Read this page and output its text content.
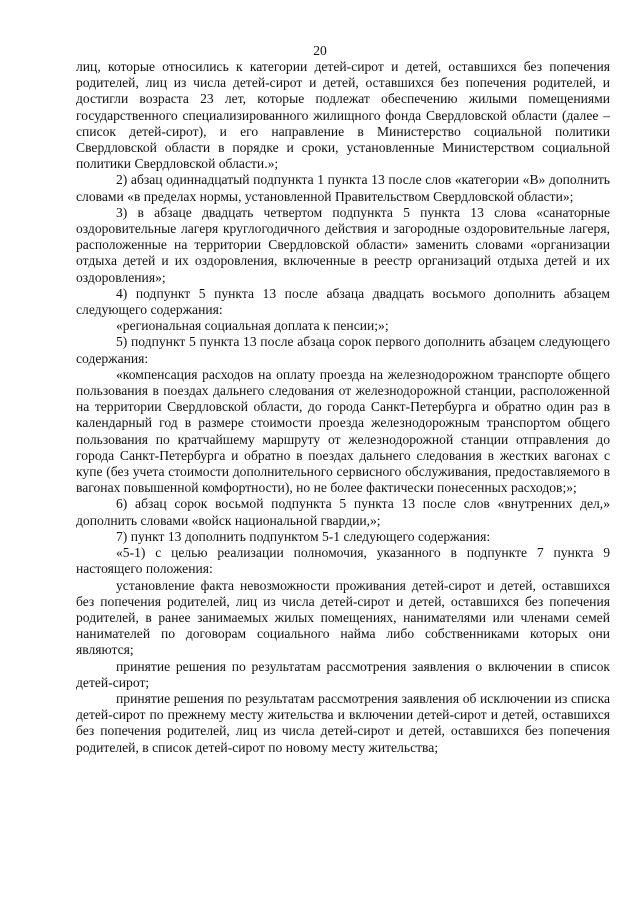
20

лиц, которые относились к категории детей-сирот и детей, оставшихся без попечения родителей, лиц из числа детей-сирот и детей, оставшихся без попечения родителей, и достигли возраста 23 лет, которые подлежат обеспечению жилыми помещениями государственного специализированного жилищного фонда Свердловской области (далее – список детей-сирот), и его направление в Министерство социальной политики Свердловской области в порядке и сроки, установленные Министерством социальной политики Свердловской области.»;

2) абзац одиннадцатый подпункта 1 пункта 13 после слов «категории «В» дополнить словами «в пределах нормы, установленной Правительством Свердловской области»;

3) в абзаце двадцать четвертом подпункта 5 пункта 13 слова «санаторные оздоровительные лагеря круглогодичного действия и загородные оздоровительные лагеря, расположенные на территории Свердловской области» заменить словами «организации отдыха детей и их оздоровления, включенные в реестр организаций отдыха детей и их оздоровления»;

4) подпункт 5 пункта 13 после абзаца двадцать восьмого дополнить абзацем следующего содержания:

«региональная социальная доплата к пенсии;»;

5) подпункт 5 пункта 13 после абзаца сорок первого дополнить абзацем следующего содержания:

«компенсация расходов на оплату проезда на железнодорожном транспорте общего пользования в поездах дальнего следования от железнодорожной станции, расположенной на территории Свердловской области, до города Санкт-Петербурга и обратно один раз в календарный год в размере стоимости проезда железнодорожным транспортом общего пользования по кратчайшему маршруту от железнодорожной станции отправления до города Санкт-Петербурга и обратно в поездах дальнего следования в жестких вагонах с купе (без учета стоимости дополнительного сервисного обслуживания, предоставляемого в вагонах повышенной комфортности), но не более фактически понесенных расходов;»;

6) абзац сорок восьмой подпункта 5 пункта 13 после слов «внутренних дел,» дополнить словами «войск национальной гвардии,»;

7) пункт 13 дополнить подпунктом 5-1 следующего содержания:

«5-1) с целью реализации полномочия, указанного в подпункте 7 пункта 9 настоящего положения:

установление факта невозможности проживания детей-сирот и детей, оставшихся без попечения родителей, лиц из числа детей-сирот и детей, оставшихся без попечения родителей, в ранее занимаемых жилых помещениях, нанимателями или членами семей нанимателей по договорам социального найма либо собственниками которых они являются;

принятие решения по результатам рассмотрения заявления о включении в список детей-сирот;

принятие решения по результатам рассмотрения заявления об исключении из списка детей-сирот по прежнему месту жительства и включении детей-сирот и детей, оставшихся без попечения родителей, лиц из числа детей-сирот и детей, оставшихся без попечения родителей, в список детей-сирот по новому месту жительства;
